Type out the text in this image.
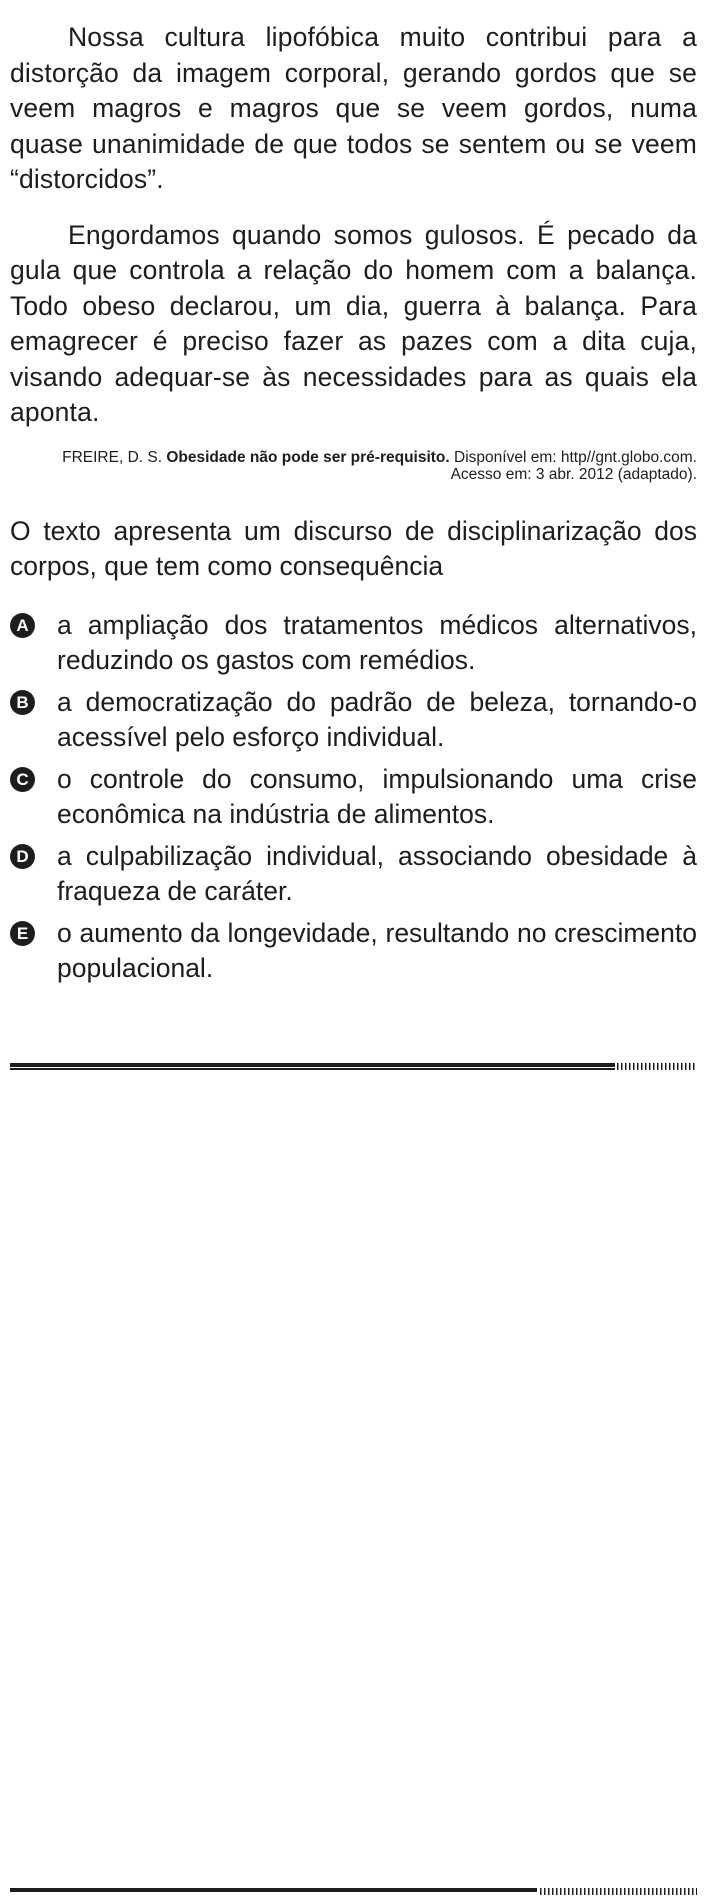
Nossa cultura lipofóbica muito contribui para a distorção da imagem corporal, gerando gordos que se veem magros e magros que se veem gordos, numa quase unanimidade de que todos se sentem ou se veem “distorcidos”.

Engordamos quando somos gulosos. É pecado da gula que controla a relação do homem com a balança. Todo obeso declarou, um dia, guerra à balança. Para emagrecer é preciso fazer as pazes com a dita cuja, visando adequar-se às necessidades para as quais ela aponta.

FREIRE, D. S. Obesidade não pode ser pré-requisito. Disponível em: http//gnt.globo.com.
Acesso em: 3 abr. 2012 (adaptado).

O texto apresenta um discurso de disciplinarização dos corpos, que tem como consequência

A a ampliação dos tratamentos médicos alternativos, reduzindo os gastos com remédios.
B a democratização do padrão de beleza, tornando-o acessível pelo esforço individual.
C o controle do consumo, impulsionando uma crise econômica na indústria de alimentos.
D a culpabilização individual, associando obesidade à fraqueza de caráter.
E o aumento da longevidade, resultando no crescimento populacional.
